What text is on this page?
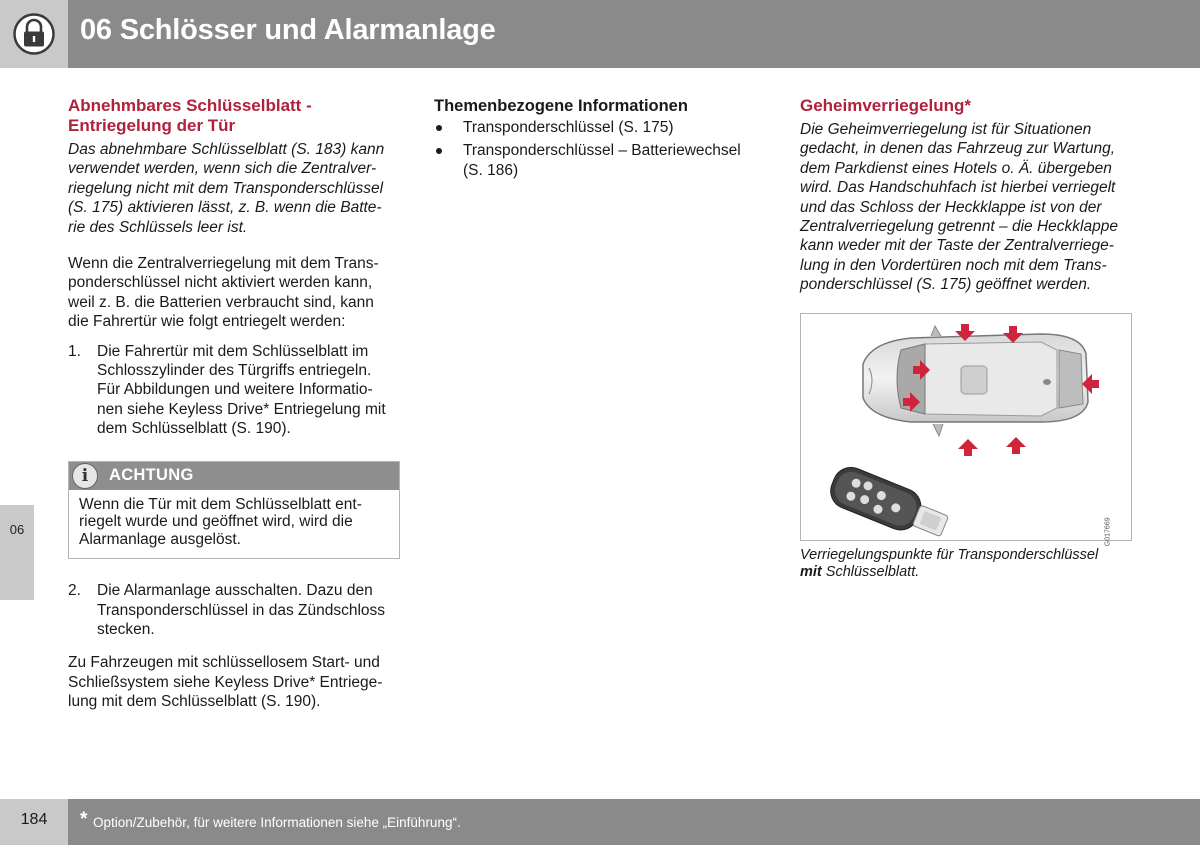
06 Schlösser und Alarmanlage
06
Abnehmbares Schlüsselblatt -
Entriegelung der Tür

Das abnehmbare Schlüsselblatt (S. 183) kann
verwendet werden, wenn sich die Zentralver-
riegelung nicht mit dem Transponderschlüssel
(S. 175) aktivieren lässt, z. B. wenn die Batte-
rie des Schlüssels leer ist.

Wenn die Zentralverriegelung mit dem Trans-
ponderschlüssel nicht aktiviert werden kann,
weil z. B. die Batterien verbraucht sind, kann
die Fahrertür wie folgt entriegelt werden:

1. Die Fahrertür mit dem Schlüsselblatt im
Schlosszylinder des Türgriffs entriegeln.
Für Abbildungen und weitere Informatio-
nen siehe Keyless Drive* Entriegelung mit
dem Schlüsselblatt (S. 190).
i	ACHTUNG
Wenn die Tür mit dem Schlüsselblatt ent-
riegelt wurde und geöffnet wird, wird die
Alarmanlage ausgelöst.
2. Die Alarmanlage ausschalten. Dazu den
Transponderschlüssel in das Zündschloss
stecken.

Zu Fahrzeugen mit schlüssellosem Start- und
Schließsystem siehe Keyless Drive* Entriege-
lung mit dem Schlüsselblatt (S. 190).

Themenbezogene Informationen
Transponderschlüssel (S. 175)
Transponderschlüssel – Batteriewechsel
(S. 186)
Geheimverriegelung*

Die Geheimverriegelung ist für Situationen
gedacht, in denen das Fahrzeug zur Wartung,
dem Parkdienst eines Hotels o. Ä. übergeben
wird. Das Handschuhfach ist hierbei verriegelt
und das Schloss der Heckklappe ist von der
Zentralverriegelung getrennt – die Heckklappe
kann weder mit der Taste der Zentralverriege-
lung in den Vordertüren noch mit dem Trans-
ponderschlüssel (S. 175) geöffnet werden.

G017669
Verriegelungspunkte für Transponderschlüssel
mit Schlüsselblatt.
184	* Option/Zubehör, für weitere Informationen siehe „Einführung“.
